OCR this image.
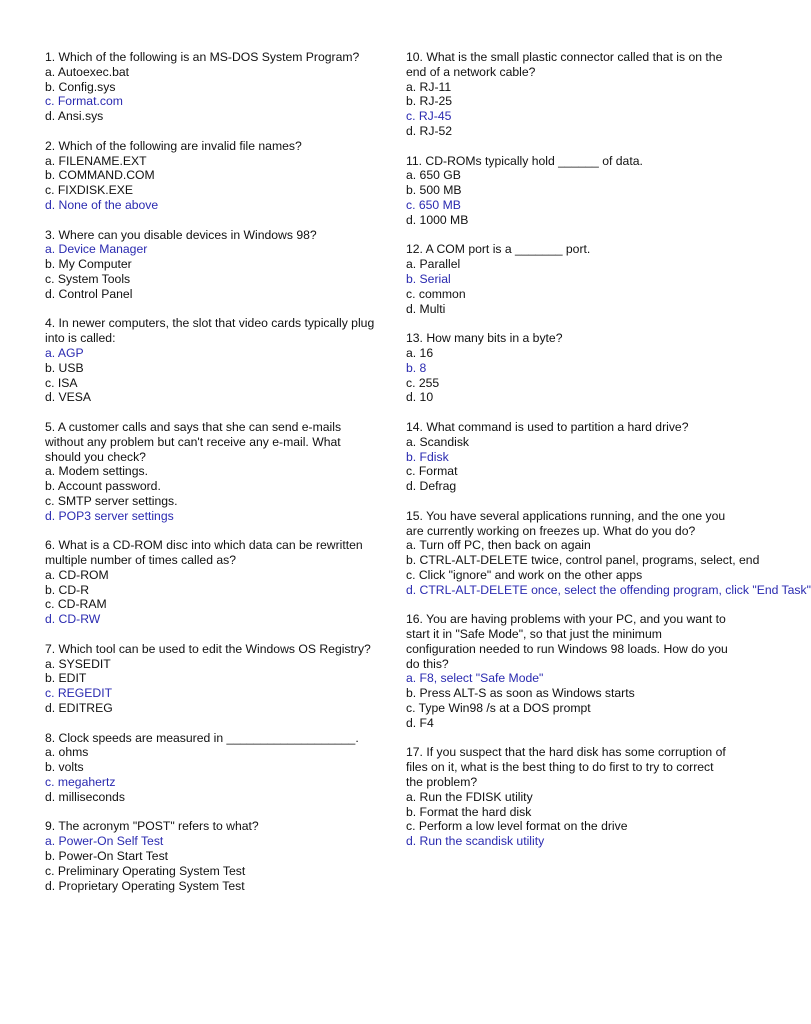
1. Which of the following is an MS-DOS System Program?
a. Autoexec.bat
b. Config.sys
c. Format.com
d. Ansi.sys
2. Which of the following are invalid file names?
a. FILENAME.EXT
b. COMMAND.COM
c. FIXDISK.EXE
d. None of the above
3. Where can you disable devices in Windows 98?
a. Device Manager
b. My Computer
c. System Tools
d. Control Panel
4. In newer computers, the slot that video cards typically plug into is called:
a. AGP
b. USB
c. ISA
d. VESA
5. A customer calls and says that she can send e-mails without any problem but can't receive any e-mail. What should you check?
a. Modem settings.
b. Account password.
c. SMTP server settings.
d. POP3 server settings
6. What is a CD-ROM disc into which data can be rewritten multiple number of times called as?
a. CD-ROM
b. CD-R
c. CD-RAM
d. CD-RW
7. Which tool can be used to edit the Windows OS Registry?
a. SYSEDIT
b. EDIT
c. REGEDIT
d. EDITREG
8. Clock speeds are measured in ___________________.
a. ohms
b. volts
c. megahertz
d. milliseconds
9. The acronym "POST" refers to what?
a. Power-On Self Test
b. Power-On Start Test
c. Preliminary Operating System Test
d. Proprietary Operating System Test
10. What is the small plastic connector called that is on the end of a network cable?
a. RJ-11
b. RJ-25
c. RJ-45
d. RJ-52
11. CD-ROMs typically hold ______ of data.
a. 650 GB
b. 500 MB
c. 650 MB
d. 1000 MB
12. A COM port is a _______ port.
a. Parallel
b. Serial
c. common
d. Multi
13. How many bits in a byte?
a. 16
b. 8
c. 255
d. 10
14. What command is used to partition a hard drive?
a. Scandisk
b. Fdisk
c. Format
d. Defrag
15. You have several applications running, and the one you are currently working on freezes up. What do you do?
a. Turn off PC, then back on again
b. CTRL-ALT-DELETE twice, control panel, programs, select, end
c. Click "ignore" and work on the other apps
d. CTRL-ALT-DELETE once, select the offending program, click "End Task"
16. You are having problems with your PC, and you want to start it in "Safe Mode", so that just the minimum configuration needed to run Windows 98 loads. How do you do this?
a. F8, select "Safe Mode"
b. Press ALT-S as soon as Windows starts
c. Type Win98 /s at a DOS prompt
d. F4
17. If you suspect that the hard disk has some corruption of files on it, what is the best thing to do first to try to correct the problem?
a. Run the FDISK utility
b. Format the hard disk
c. Perform a low level format on the drive
d. Run the scandisk utility
